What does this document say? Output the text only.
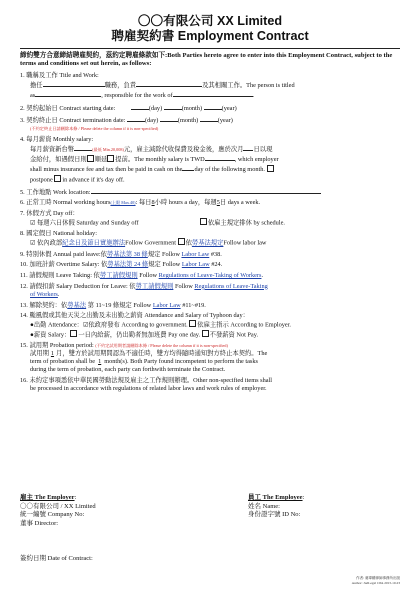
〇〇有限公司 XX Limited
聘雇契約書 Employment Contract
締約雙方合意締結聘雇契約，茲約定聘雇條款如下:Both Parties hereto agree to enter into this Employment Contract, subject to the terms and conditions set out herein, as follows:
1. 職稱及工作 Title and Work:
擔任	職務，負責	及其相關工作。The person is titled
as	, responsible for the work of	.
2. 契約起始日 Contract starting date:	(day)	(month)	(year)
3. 契約終止日 Contract termination date:	(day)	(month)	(year)
(不約定終止日請刪除本條 / Please delete the column if it is non-specified)
4. 每月薪資 Monthly salary:
每月薪資新台幣	(最低 Min.20,008)元，雇主減除代收保費及稅金後，應於次月 日以現
金給付，如遇假日則 順延 提前。The monthly salary is TWD	, which employer
shall minus insurance fee and tax then be paid in cash on the day of the following month.
postpone in advance if it's day off.
5. 工作地點 Work location:
6. 正常工時 Normal working hours(上限 Max.40): 每日8小時 hours a day，每週5日 days a week.
7. 休假方式 Day off：
☑ 每週六日休假 Saturday and Sunday off	依雇主規定排休 by schedule.
8. 國定假日 National holiday:
☑ 依內政部紀念日及節日實施辦法Follow Government 依勞基法規定Follow labor law
9. 特別休假 Annual paid leave:依勞基法第 38 條規定 Follow Labor Law #38.
10. 加班計薪 Overtime Salary: 依勞基法第 24 條規定 Follow Labor Law #24.
11. 請假規則 Leave Taking: 依勞工請假規則 Follow Regulations of Leave-Taking of Workers.
12. 請假扣薪 Salary Deduction for Leave: 依勞工請假規則 Follow Regulations of Leave-Taking
of Workers.
13. 解除契約：依勞基法 第 11~19 條規定 Follow Labor Law #11~#19.
14. 颱風假或其他天災之出勤及未出勤之薪資 Attendance and Salary of Typhoon day：
●出勤 Attendance：☑依政府發布 According to government. 依雇主指示 According to Employer.
●薪資 Salary： 一日內給薪，仍出勤者無加班費 Pay one day. 不發薪資 Not Pay.
15. 試用期 Probation period: (不約定試用期者請刪除本條 / Please delete the column if it is non-specified)
試用期 1 月，雙方於試用期間認為不適任時，雙方均得隨時通知對方終止本契約。The
term of probation shall be 1 month(s). Both Party found incompetent to perform the tasks
during the term of probation, each party can forthwith terminate the Contract.
16. 未約定事項悉依中華民國勞動法規及雇主之工作規則辦理。Other non-specified items shall
be processed in accordance with regulations of related labor laws and work rules of employer.
雇主 The Employer:
〇〇有限公司 / XX Limited
統一編號 Company No:
董事 Director:
員工 The Employee:
姓名 Name:
身份證字號 ID No:
簽約日期 Date of Contract:
作者: 蔣瑋鵬律師事務所出版
Author: JudLegal CPA 2015.10.23
